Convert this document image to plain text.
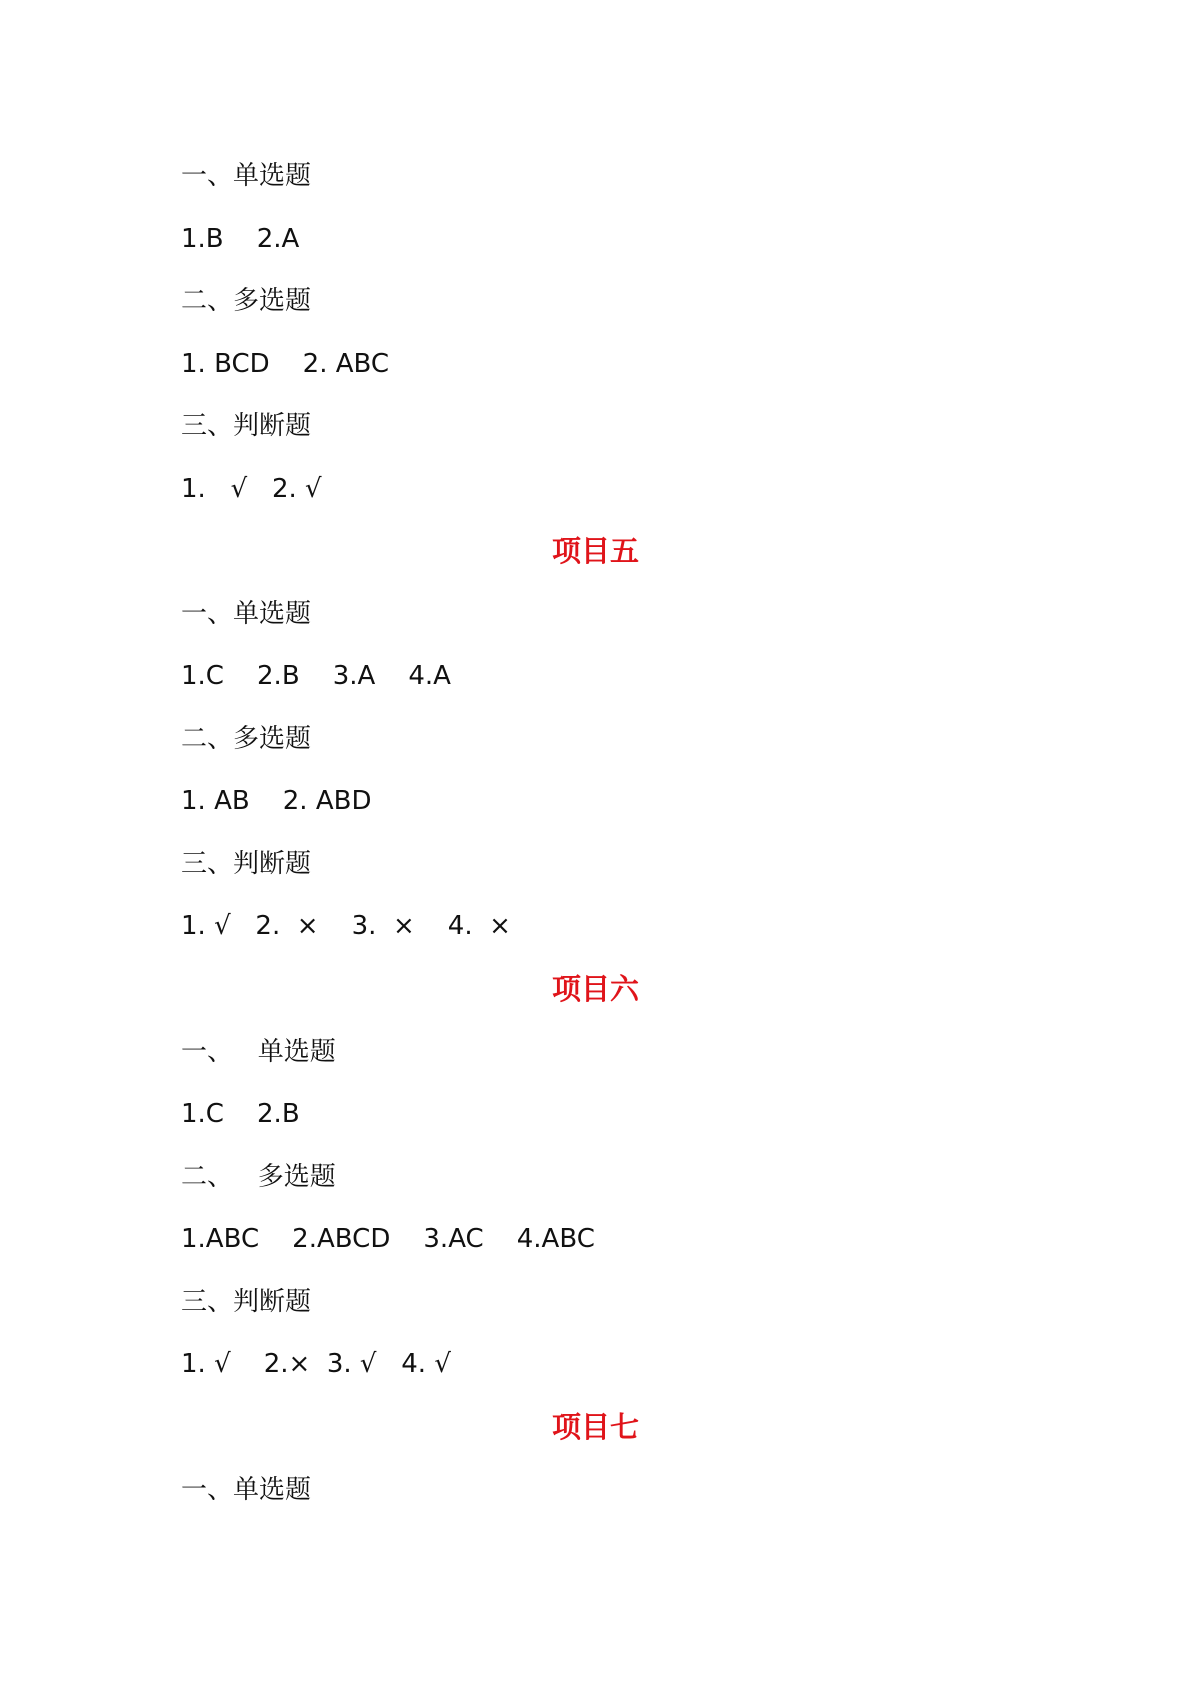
一、单选题
1.B    2.A
二、多选题
1. BCD    2. ABC
三、判断题
1.   √   2. √
项目五
一、单选题
1.C    2.B    3.A    4.A
二、多选题
1. AB    2. ABD
三、判断题
1. √   2.  ×    3.  ×    4.  ×
项目六
一、   单选题
1.C    2.B
二、   多选题
1.ABC    2.ABCD    3.AC    4.ABC
三、判断题
1. √    2.×  3. √   4. √
项目七
一、单选题
